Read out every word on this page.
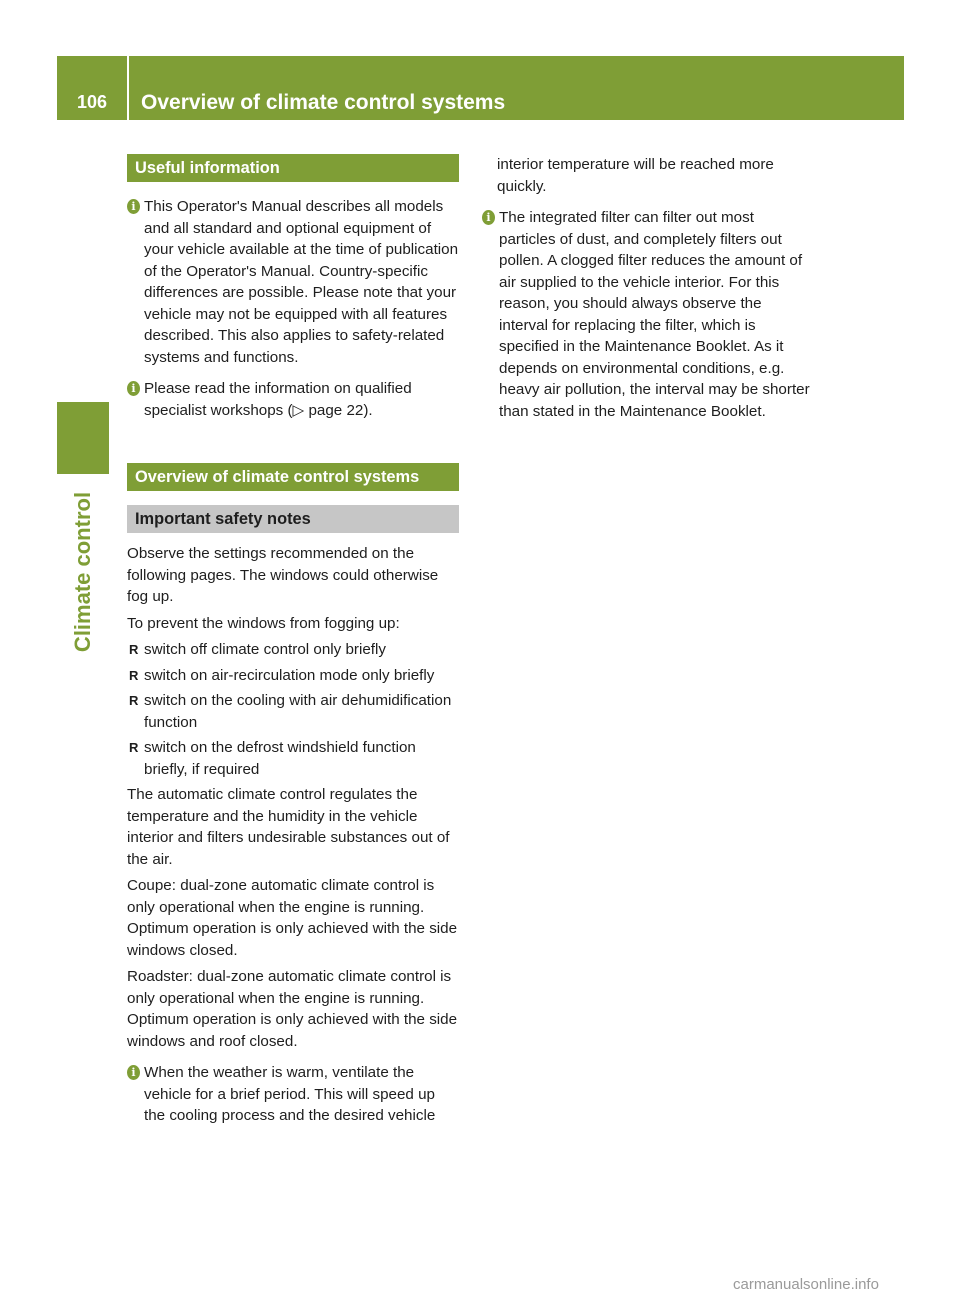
106	Overview of climate control systems
Climate control
Useful information
i This Operator's Manual describes all models and all standard and optional equipment of your vehicle available at the time of publication of the Operator's Manual. Country-specific differences are possible. Please note that your vehicle may not be equipped with all features described. This also applies to safety-related systems and functions.
i Please read the information on qualified specialist workshops (▷ page 22).
Overview of climate control systems
Important safety notes

Observe the settings recommended on the following pages. The windows could otherwise fog up.

To prevent the windows from fogging up:

R switch off climate control only briefly
R switch on air-recirculation mode only briefly
R switch on the cooling with air dehumidification function
R switch on the defrost windshield function briefly, if required

The automatic climate control regulates the temperature and the humidity in the vehicle interior and filters undesirable substances out of the air.

Coupe: dual-zone automatic climate control is only operational when the engine is running. Optimum operation is only achieved with the side windows closed.

Roadster: dual-zone automatic climate control is only operational when the engine is running. Optimum operation is only achieved with the side windows and roof closed.

i When the weather is warm, ventilate the vehicle for a brief period. This will speed up the cooling process and the desired vehicle

interior temperature will be reached more quickly.

i The integrated filter can filter out most particles of dust, and completely filters out pollen. A clogged filter reduces the amount of air supplied to the vehicle interior. For this reason, you should always observe the interval for replacing the filter, which is specified in the Maintenance Booklet. As it depends on environmental conditions, e.g. heavy air pollution, the interval may be shorter than stated in the Maintenance Booklet.
carmanualsonline.info
